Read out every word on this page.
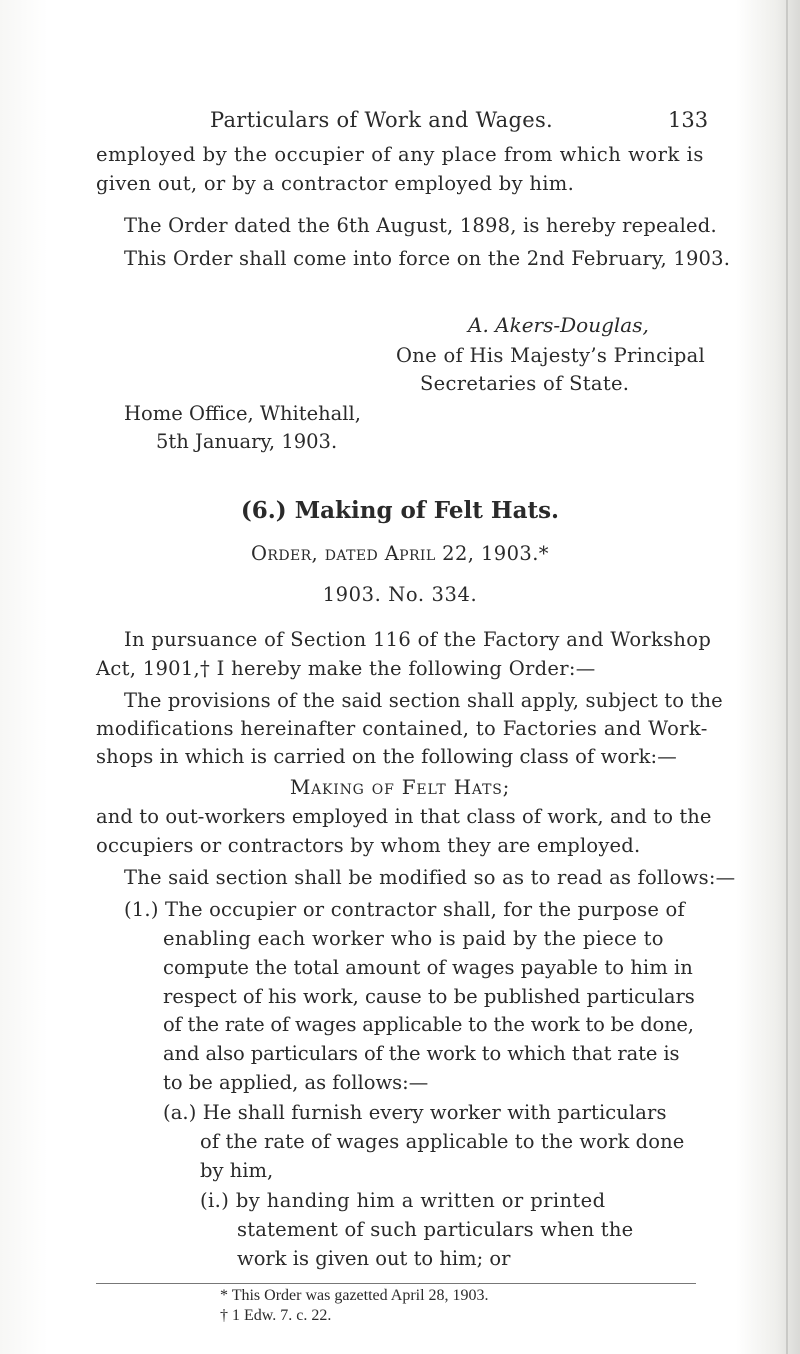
Particulars of Work and Wages.	133
employed by the occupier of any place from which work is
given out, or by a contractor employed by him.
The Order dated the 6th August, 1898, is hereby repealed.
This Order shall come into force on the 2nd February, 1903.
A. Akers-Douglas,
One of His Majesty’s Principal
Secretaries of State.
Home Office, Whitehall,
5th January, 1903.
(6.) Making of Felt Hats.
Order, dated April 22, 1903.*
1903. No. 334.
In pursuance of Section 116 of the Factory and Workshop
Act, 1901,† I hereby make the following Order:—
The provisions of the said section shall apply, subject to the
modifications hereinafter contained, to Factories and Work-
shops in which is carried on the following class of work:—
Making of Felt Hats;
and to out-workers employed in that class of work, and to the
occupiers or contractors by whom they are employed.
The said section shall be modified so as to read as follows:—
(1.) The occupier or contractor shall, for the purpose of
enabling each worker who is paid by the piece to
compute the total amount of wages payable to him in
respect of his work, cause to be published particulars
of the rate of wages applicable to the work to be done,
and also particulars of the work to which that rate is
to be applied, as follows:—
(a.) He shall furnish every worker with particulars
of the rate of wages applicable to the work done
by him,
(i.) by handing him a written or printed
statement of such particulars when the
work is given out to him; or
* This Order was gazetted April 28, 1903.
† 1 Edw. 7. c. 22.
